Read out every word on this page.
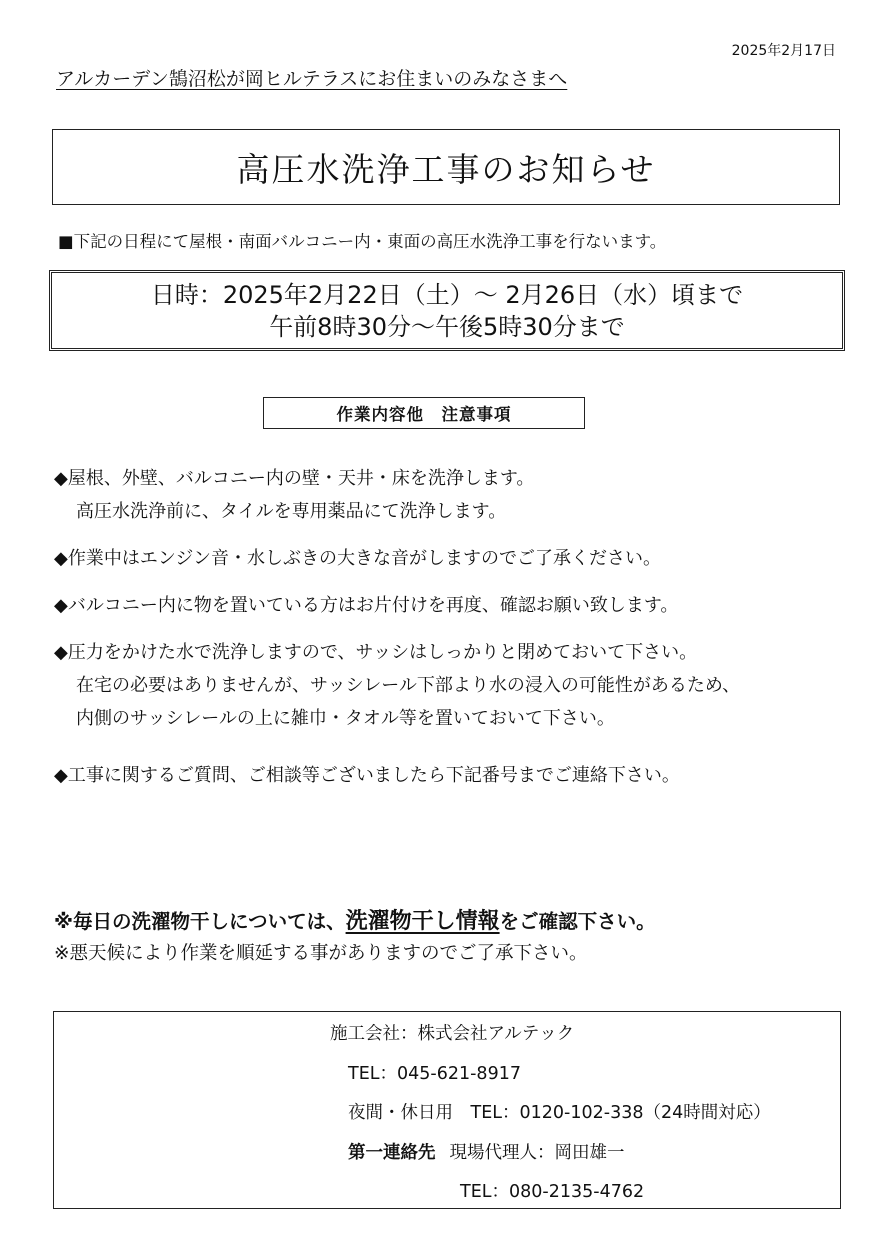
2025年2月17日
アルカーデン鵠沼松が岡ヒルテラスにお住まいのみなさまへ
高圧水洗浄工事のお知らせ
■下記の日程にて屋根・南面バルコニー内・東面の高圧水洗浄工事を行ないます。
日時：2025年2月22日（土）～ 2月26日（水）頃まで
午前8時30分～午後5時30分まで
作業内容他　注意事項
◆屋根、外壁、バルコニー内の壁・天井・床を洗浄します。
高圧水洗浄前に、タイルを専用薬品にて洗浄します。
◆作業中はエンジン音・水しぶきの大きな音がしますのでご了承ください。
◆バルコニー内に物を置いている方はお片付けを再度、確認お願い致します。
◆圧力をかけた水で洗浄しますので、サッシはしっかりと閉めておいて下さい。
在宅の必要はありませんが、サッシレール下部より水の浸入の可能性があるため、
内側のサッシレールの上に雑巾・タオル等を置いておいて下さい。
◆工事に関するご質問、ご相談等ございましたら下記番号までご連絡下さい。
※毎日の洗濯物干しについては、洗濯物干し情報をご確認下さい。
※悪天候により作業を順延する事がありますのでご了承下さい。
施工会社：株式会社アルテック
TEL：045-621-8917
夜間・休日用　TEL：0120-102-338（24時間対応）
第一連絡先 現場代理人：岡田雄一
TEL：080-2135-4762
